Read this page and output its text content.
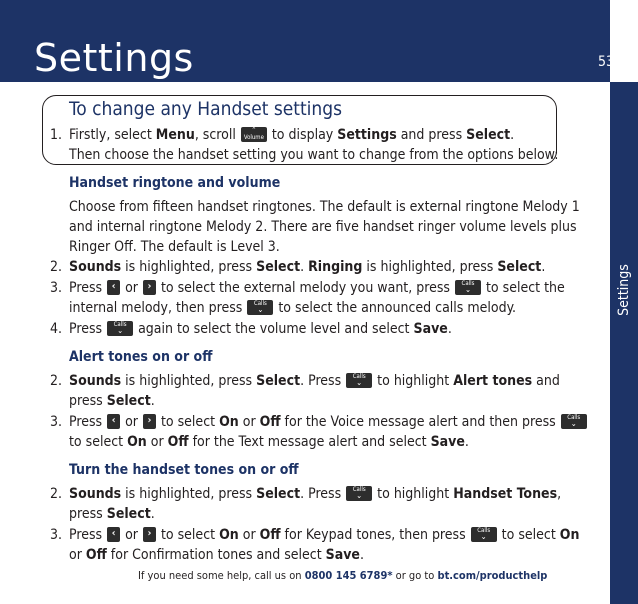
Settings	53
Settings
To change any Handset settings
1. Firstly, select Menu, scroll	⌃
Volume to display Settings and press Select.
Then choose the handset setting you want to change from the options below:
Handset ringtone and volume
Choose from fifteen handset ringtones. The default is external ringtone Melody 1
and internal ringtone Melody 2. There are five handset ringer volume levels plus
Ringer Off. The default is Level 3.
2. Sounds is highlighted, press Select. Ringing is highlighted, press Select.
3. Press ‹ or › to select the external melody you want, press	Calls
⌄ to select the
internal melody, then press	Calls
⌄ to select the announced calls melody.
4. Press	Calls
⌄ again to select the volume level and select Save.
Alert tones on or off
2. Sounds is highlighted, press Select. Press	Calls
⌄ to highlight Alert tones and
press Select.
3. Press ‹ or › to select On or Off for the Voice message alert and then press	Calls
⌄
to select On or Off for the Text message alert and select Save.
Turn the handset tones on or off
2. Sounds is highlighted, press Select. Press	Calls
⌄ to highlight Handset Tones,
press Select.
3. Press ‹ or › to select On or Off for Keypad tones, then press	Calls
⌄ to select On
or Off for Confirmation tones and select Save.
If you need some help, call us on 0800 145 6789* or go to bt.com/producthelp
